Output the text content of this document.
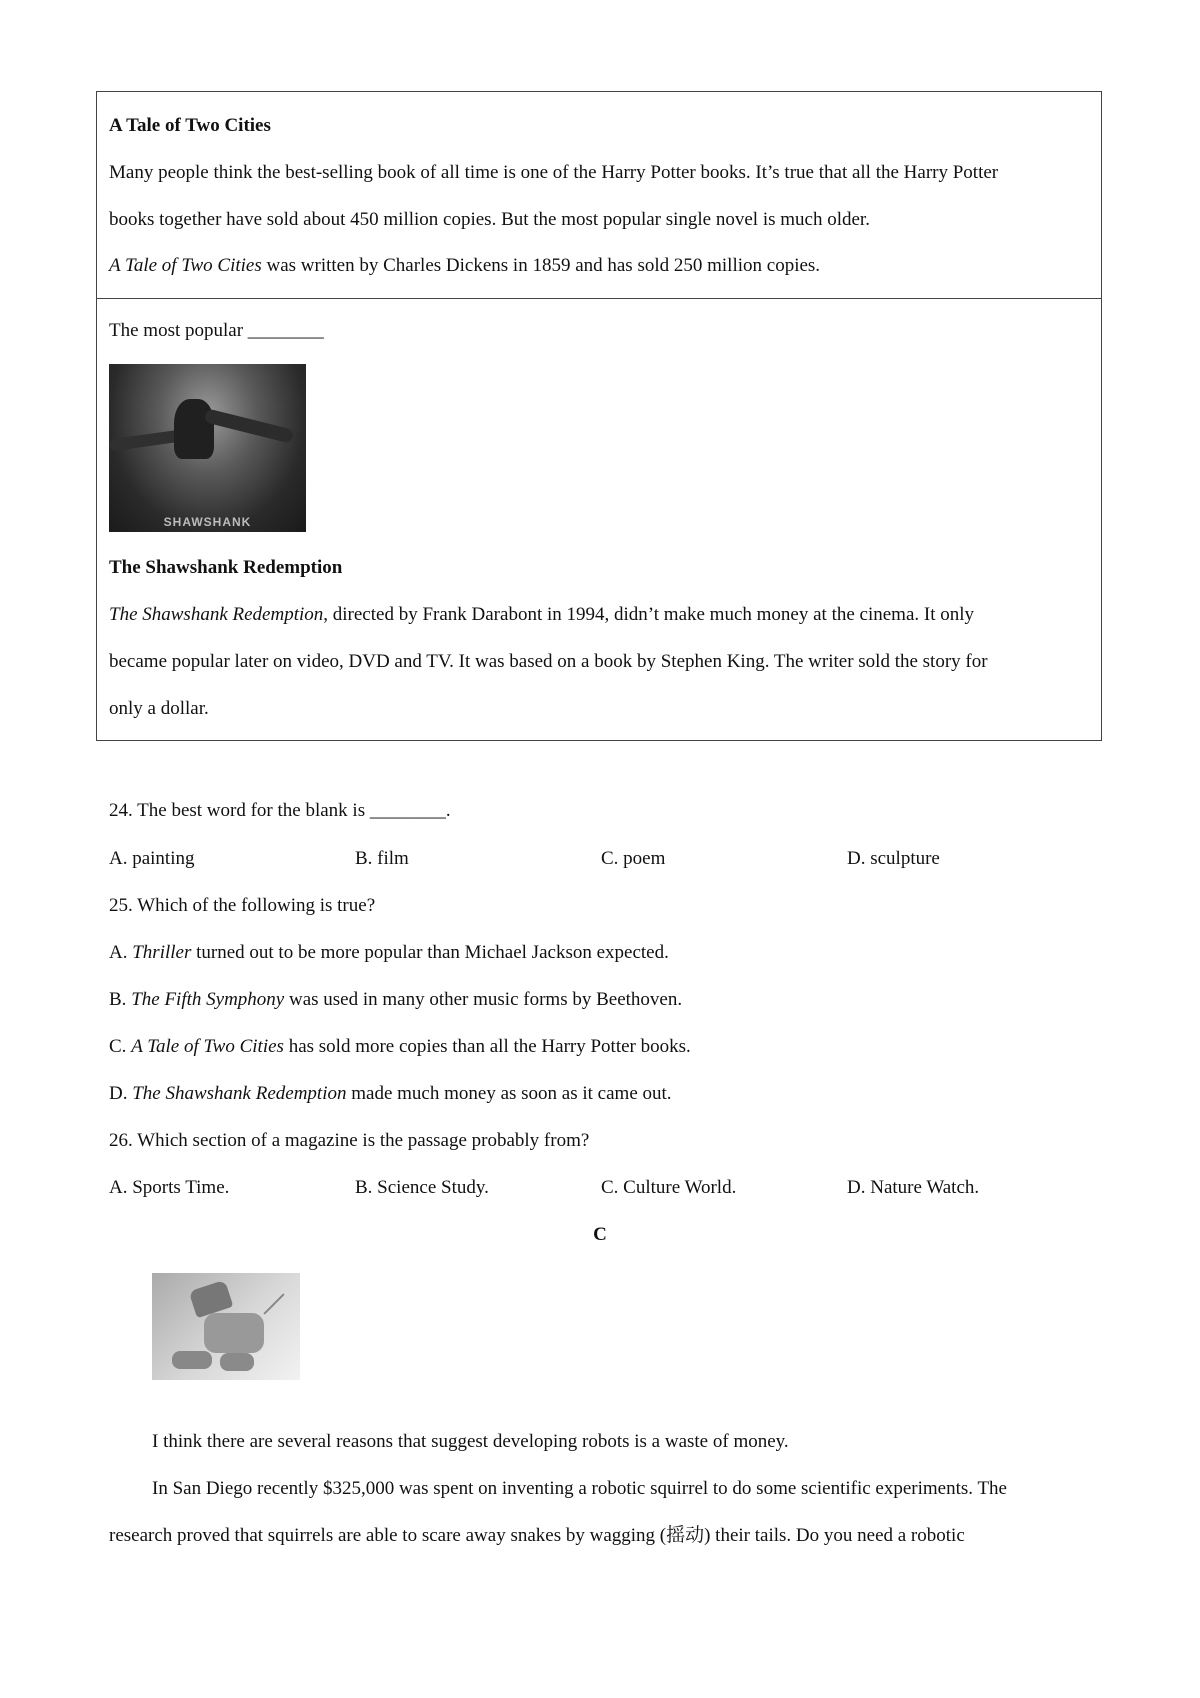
A Tale of Two Cities
Many people think the best-selling book of all time is one of the Harry Potter books. It’s true that all the Harry Potter
books together have sold about 450 million copies. But the most popular single novel is much older.
A Tale of Two Cities was written by Charles Dickens in 1859 and has sold 250 million copies.
The most popular ________
SHAWSHANK
The Shawshank Redemption
The Shawshank Redemption, directed by Frank Darabont in 1994, didn’t make much money at the cinema. It only
became popular later on video, DVD and TV. It was based on a book by Stephen King. The writer sold the story for
only a dollar.
24. The best word for the blank is ________.
A. painting	B. film	C. poem	D. sculpture
25. Which of the following is true?
A. Thriller turned out to be more popular than Michael Jackson expected.
B. The Fifth Symphony was used in many other music forms by Beethoven.
C. A Tale of Two Cities has sold more copies than all the Harry Potter books.
D. The Shawshank Redemption made much money as soon as it came out.
26. Which section of a magazine is the passage probably from?
A. Sports Time.	B. Science Study.	C. Culture World.	D. Nature Watch.
C
I think there are several reasons that suggest developing robots is a waste of money.
In San Diego recently $325,000 was spent on inventing a robotic squirrel to do some scientific experiments. The
research proved that squirrels are able to scare away snakes by wagging (摇动) their tails. Do you need a robotic
